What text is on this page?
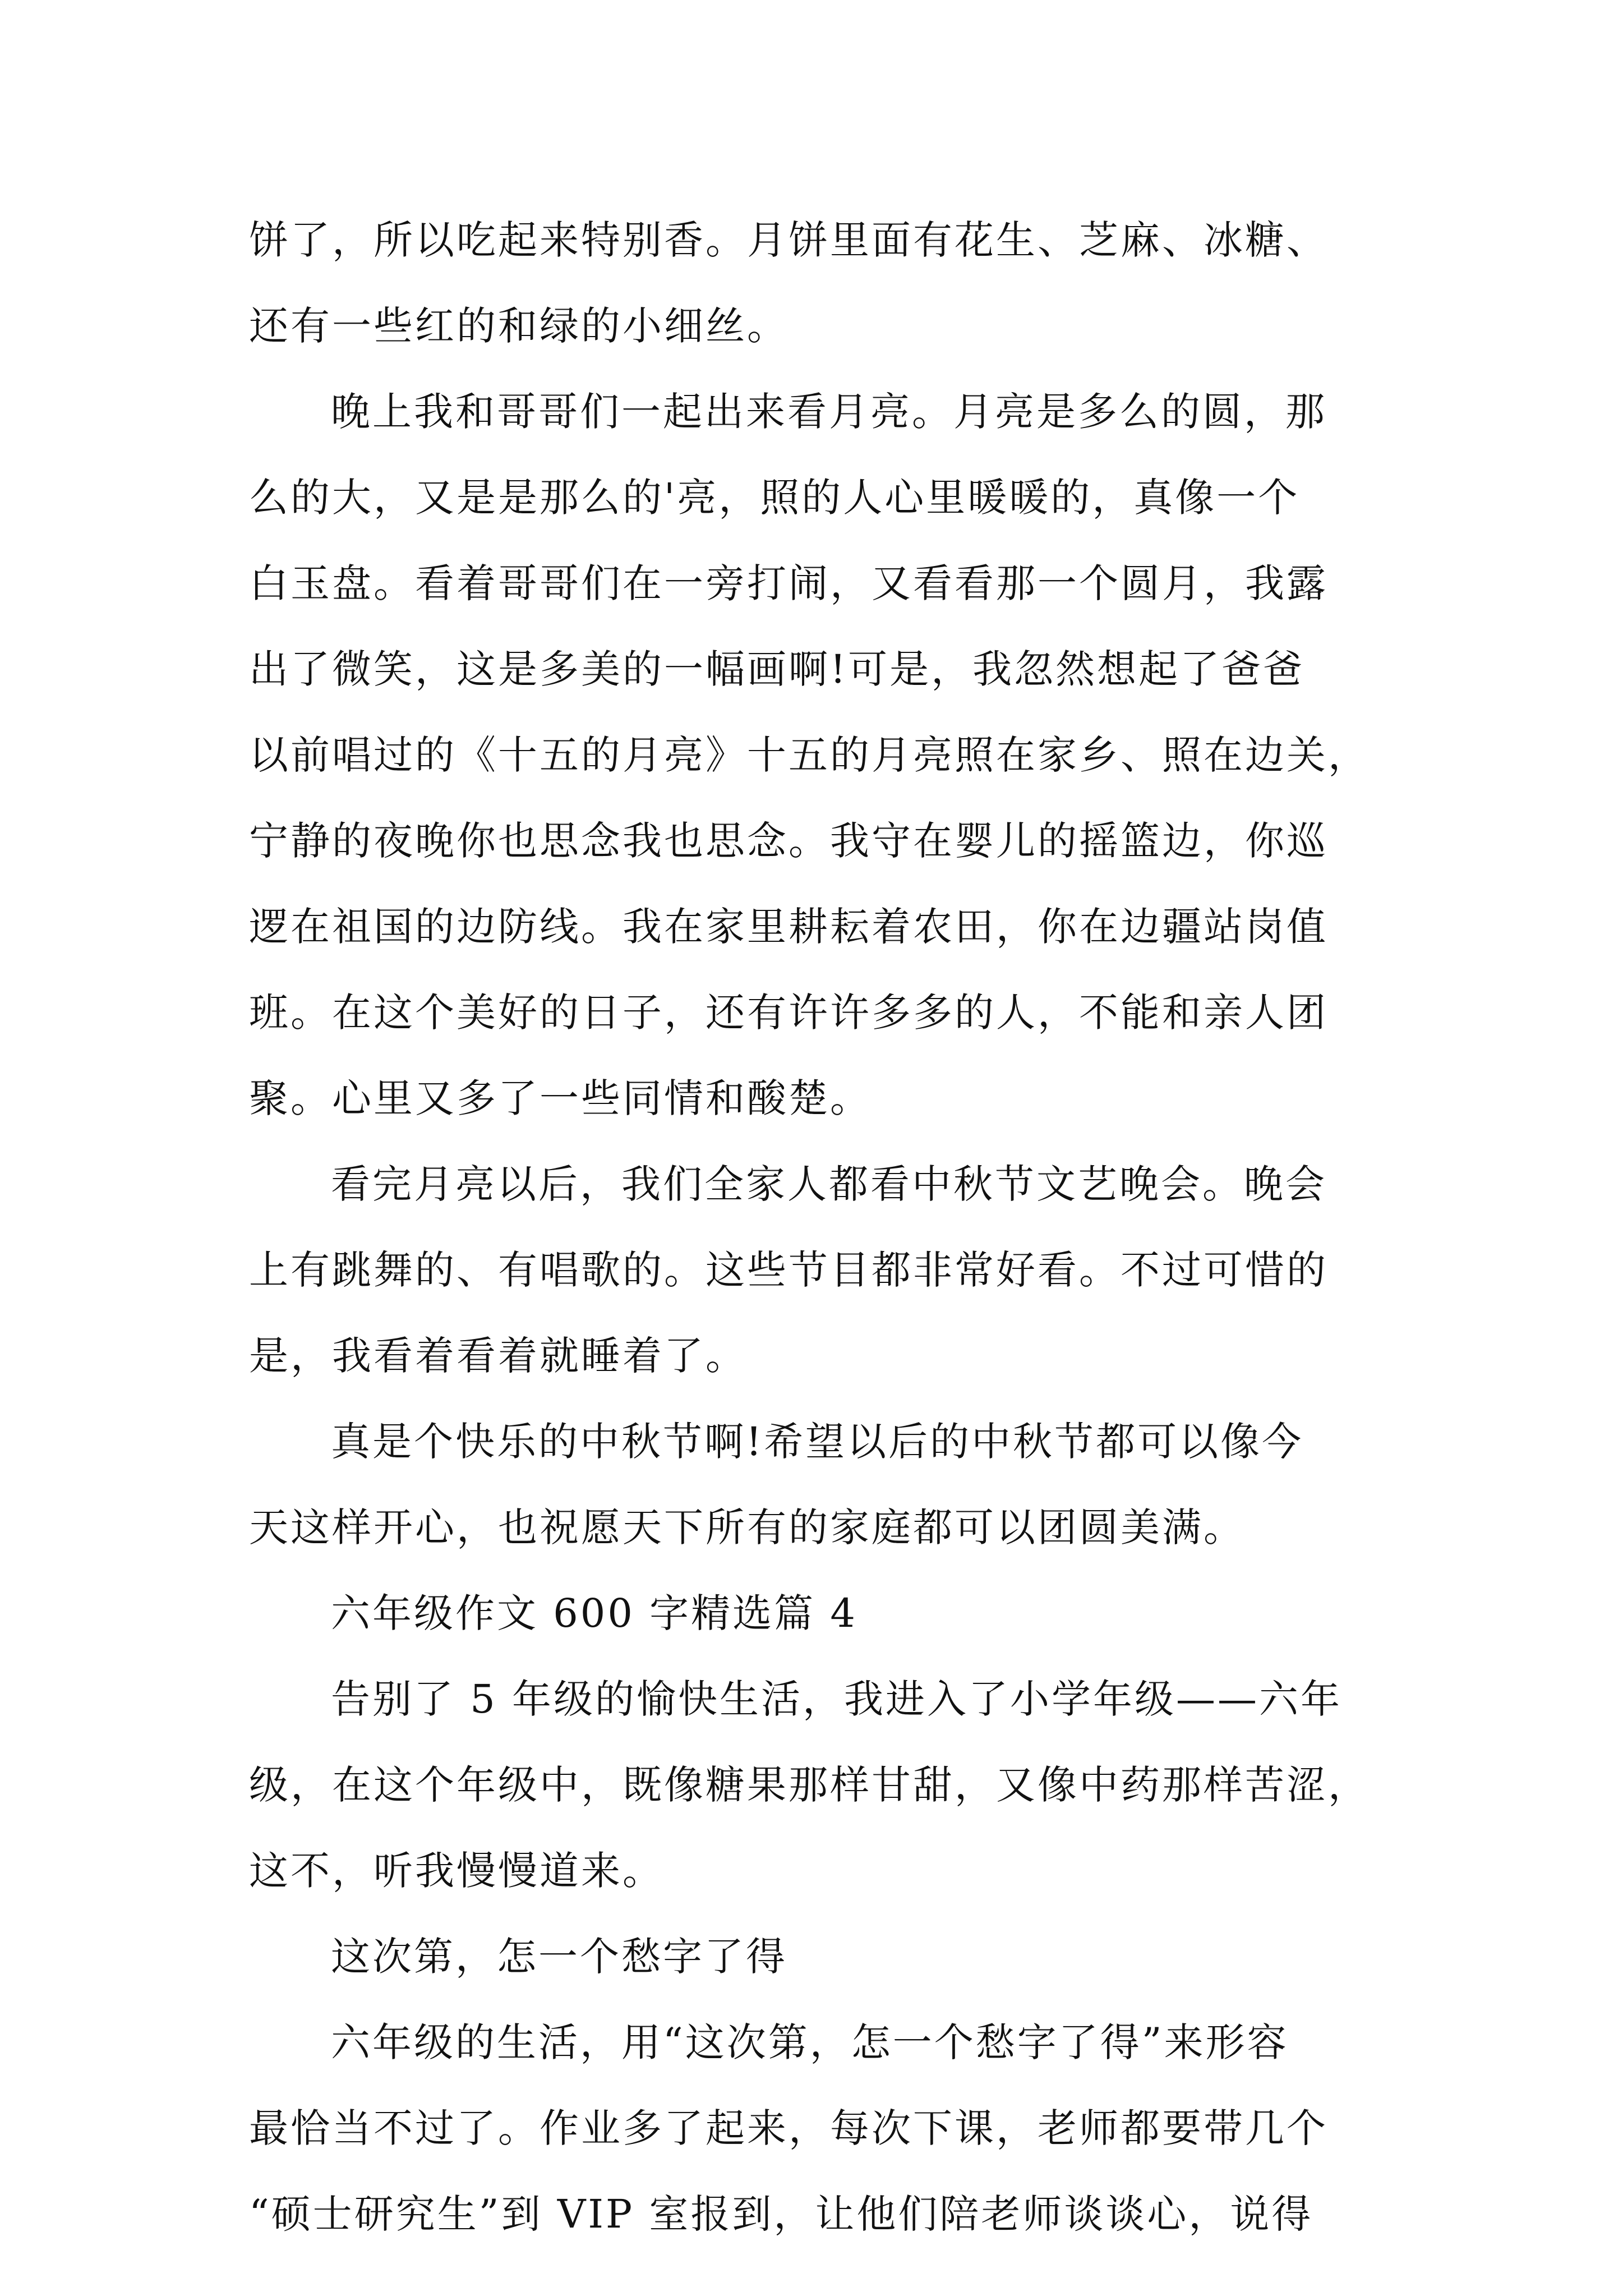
饼了，所以吃起来特别香。月饼里面有花生、芝麻、冰糖、
还有一些红的和绿的小细丝。
晚上我和哥哥们一起出来看月亮。月亮是多么的圆，那
么的大，又是是那么的'亮，照的人心里暖暖的，真像一个
白玉盘。看着哥哥们在一旁打闹，又看看那一个圆月，我露
出了微笑，这是多美的一幅画啊!可是，我忽然想起了爸爸
以前唱过的《十五的月亮》十五的月亮照在家乡、照在边关，
宁静的夜晚你也思念我也思念。我守在婴儿的摇篮边，你巡
逻在祖国的边防线。我在家里耕耘着农田，你在边疆站岗值
班。在这个美好的日子，还有许许多多的人，不能和亲人团
聚。心里又多了一些同情和酸楚。
看完月亮以后，我们全家人都看中秋节文艺晚会。晚会
上有跳舞的、有唱歌的。这些节目都非常好看。不过可惜的
是，我看着看着就睡着了。
真是个快乐的中秋节啊!希望以后的中秋节都可以像今
天这样开心，也祝愿天下所有的家庭都可以团圆美满。
六年级作文 600 字精选篇 4
告别了 5 年级的愉快生活，我进入了小学年级——六年
级，在这个年级中，既像糖果那样甘甜，又像中药那样苦涩，
这不，听我慢慢道来。
这次第，怎一个愁字了得
六年级的生活，用“这次第，怎一个愁字了得”来形容
最恰当不过了。作业多了起来，每次下课，老师都要带几个
“硕士研究生”到 VIP 室报到，让他们陪老师谈谈心，说得
